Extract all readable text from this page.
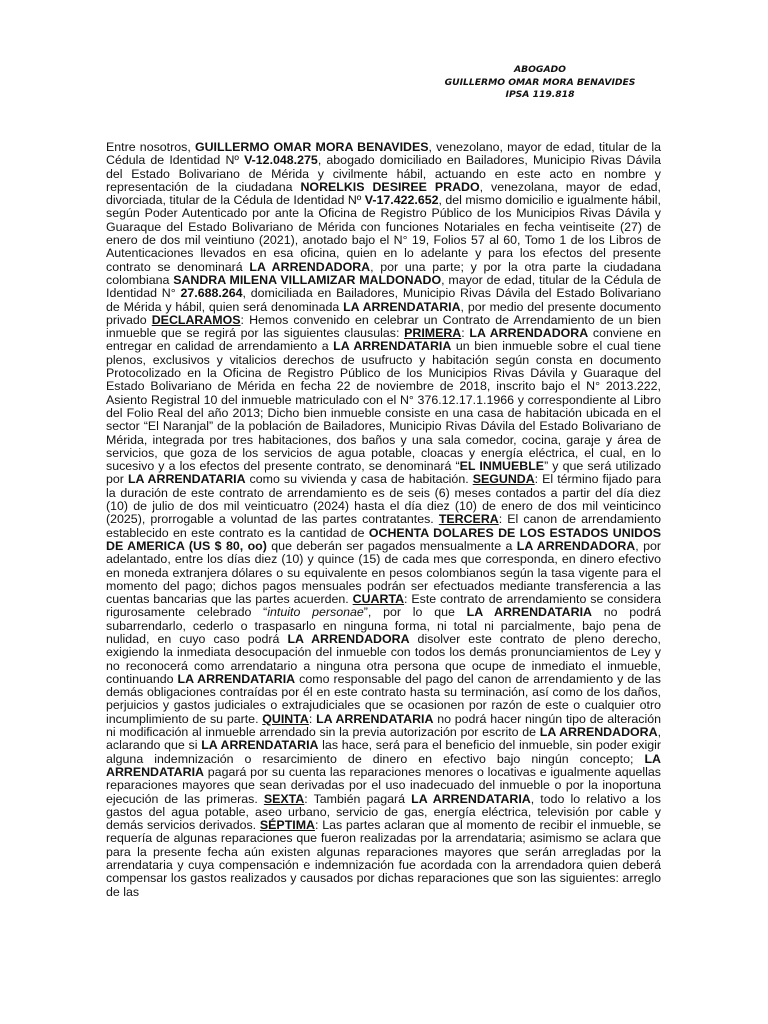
ABOGADO
GUILLERMO OMAR MORA BENAVIDES
IPSA 119.818

Entre nosotros, GUILLERMO OMAR MORA BENAVIDES, venezolano, mayor de edad, titular de la Cédula de Identidad Nº V-12.048.275, abogado domiciliado en Bailadores, Municipio Rivas Dávila del Estado Bolivariano de Mérida y civilmente hábil, actuando en este acto en nombre y representación de la ciudadana NORELKIS DESIREE PRADO, venezolana, mayor de edad, divorciada, titular de la Cédula de Identidad Nº V-17.422.652, del mismo domicilio e igualmente hábil, según Poder Autenticado por ante la Oficina de Registro Público de los Municipios Rivas Dávila y Guaraque del Estado Bolivariano de Mérida con funciones Notariales en fecha veintiseite (27) de enero de dos mil veintiuno (2021), anotado bajo el N° 19, Folios 57 al 60, Tomo 1 de los Libros de Autenticaciones llevados en esa oficina, quien en lo adelante y para los efectos del presente contrato se denominará LA ARRENDADORA, por una parte; y por la otra parte la ciudadana colombiana SANDRA MILENA VILLAMIZAR MALDONADO, mayor de edad, titular de la Cédula de Identidad N° 27.688.264, domiciliada en Bailadores, Municipio Rivas Dávila del Estado Bolivariano de Mérida y hábil, quien será denominada LA ARRENDATARIA, por medio del presente documento privado DECLARAMOS: Hemos convenido en celebrar un Contrato de Arrendamiento de un bien inmueble que se regirá por las siguientes clausulas: PRIMERA: LA ARRENDADORA conviene en entregar en calidad de arrendamiento a LA ARRENDATARIA un bien inmueble sobre el cual tiene plenos, exclusivos y vitalicios derechos de usufructo y habitación según consta en documento Protocolizado en la Oficina de Registro Público de los Municipios Rivas Dávila y Guaraque del Estado Bolivariano de Mérida en fecha 22 de noviembre de 2018, inscrito bajo el N° 2013.222, Asiento Registral 10 del inmueble matriculado con el N° 376.12.17.1.1966 y correspondiente al Libro del Folio Real del año 2013; Dicho bien inmueble consiste en una casa de habitación ubicada en el sector “El Naranjal” de la población de Bailadores, Municipio Rivas Dávila del Estado Bolivariano de Mérida, integrada por tres habitaciones, dos baños y una sala comedor, cocina, garaje y área de servicios, que goza de los servicios de agua potable, cloacas y energía eléctrica, el cual, en lo sucesivo y a los efectos del presente contrato, se denominará “EL INMUEBLE” y que será utilizado por LA ARRENDATARIA como su vivienda y casa de habitación. SEGUNDA: El término fijado para la duración de este contrato de arrendamiento es de seis (6) meses contados a partir del día diez (10) de julio de dos mil veinticuatro (2024) hasta el día diez (10) de enero de dos mil veinticinco (2025), prorrogable a voluntad de las partes contratantes. TERCERA: El canon de arrendamiento establecido en este contrato es la cantidad de OCHENTA DOLARES DE LOS ESTADOS UNIDOS DE AMERICA (US $ 80, oo) que deberán ser pagados mensualmente a LA ARRENDADORA, por adelantado, entre los días diez (10) y quince (15) de cada mes que corresponda, en dinero efectivo en moneda extranjera dólares o su equivalente en pesos colombianos según la tasa vigente para el momento del pago; dichos pagos mensuales podrán ser efectuados mediante transferencia a las cuentas bancarias que las partes acuerden. CUARTA: Este contrato de arrendamiento se considera rigurosamente celebrado “intuito personae”, por lo que LA ARRENDATARIA no podrá subarrendarlo, cederlo o traspasarlo en ninguna forma, ni total ni parcialmente, bajo pena de nulidad, en cuyo caso podrá LA ARRENDADORA disolver este contrato de pleno derecho, exigiendo la inmediata desocupación del inmueble con todos los demás pronunciamientos de Ley y no reconocerá como arrendatario a ninguna otra persona que ocupe de inmediato el inmueble, continuando LA ARRENDATARIA como responsable del pago del canon de arrendamiento y de las demás obligaciones contraídas por él en este contrato hasta su terminación, así como de los daños, perjuicios y gastos judiciales o extrajudiciales que se ocasionen por razón de este o cualquier otro incumplimiento de su parte. QUINTA: LA ARRENDATARIA no podrá hacer ningún tipo de alteración ni modificación al inmueble arrendado sin la previa autorización por escrito de LA ARRENDADORA, aclarando que si LA ARRENDATARIA las hace, será para el beneficio del inmueble, sin poder exigir alguna indemnización o resarcimiento de dinero en efectivo bajo ningún concepto; LA ARRENDATARIA pagará por su cuenta las reparaciones menores o locativas e igualmente aquellas reparaciones mayores que sean derivadas por el uso inadecuado del inmueble o por la inoportuna ejecución de las primeras. SEXTA: También pagará LA ARRENDATARIA, todo lo relativo a los gastos del agua potable, aseo urbano, servicio de gas, energía eléctrica, televisión por cable y demás servicios derivados. SÉPTIMA: Las partes aclaran que al momento de recibir el inmueble, se requería de algunas reparaciones que fueron realizadas por la arrendataria; asimismo se aclara que para la presente fecha aún existen algunas reparaciones mayores que serán arregladas por la arrendataria y cuya compensación e indemnización fue acordada con la arrendadora quien deberá compensar los gastos realizados y causados por dichas reparaciones que son las siguientes: arreglo de las
